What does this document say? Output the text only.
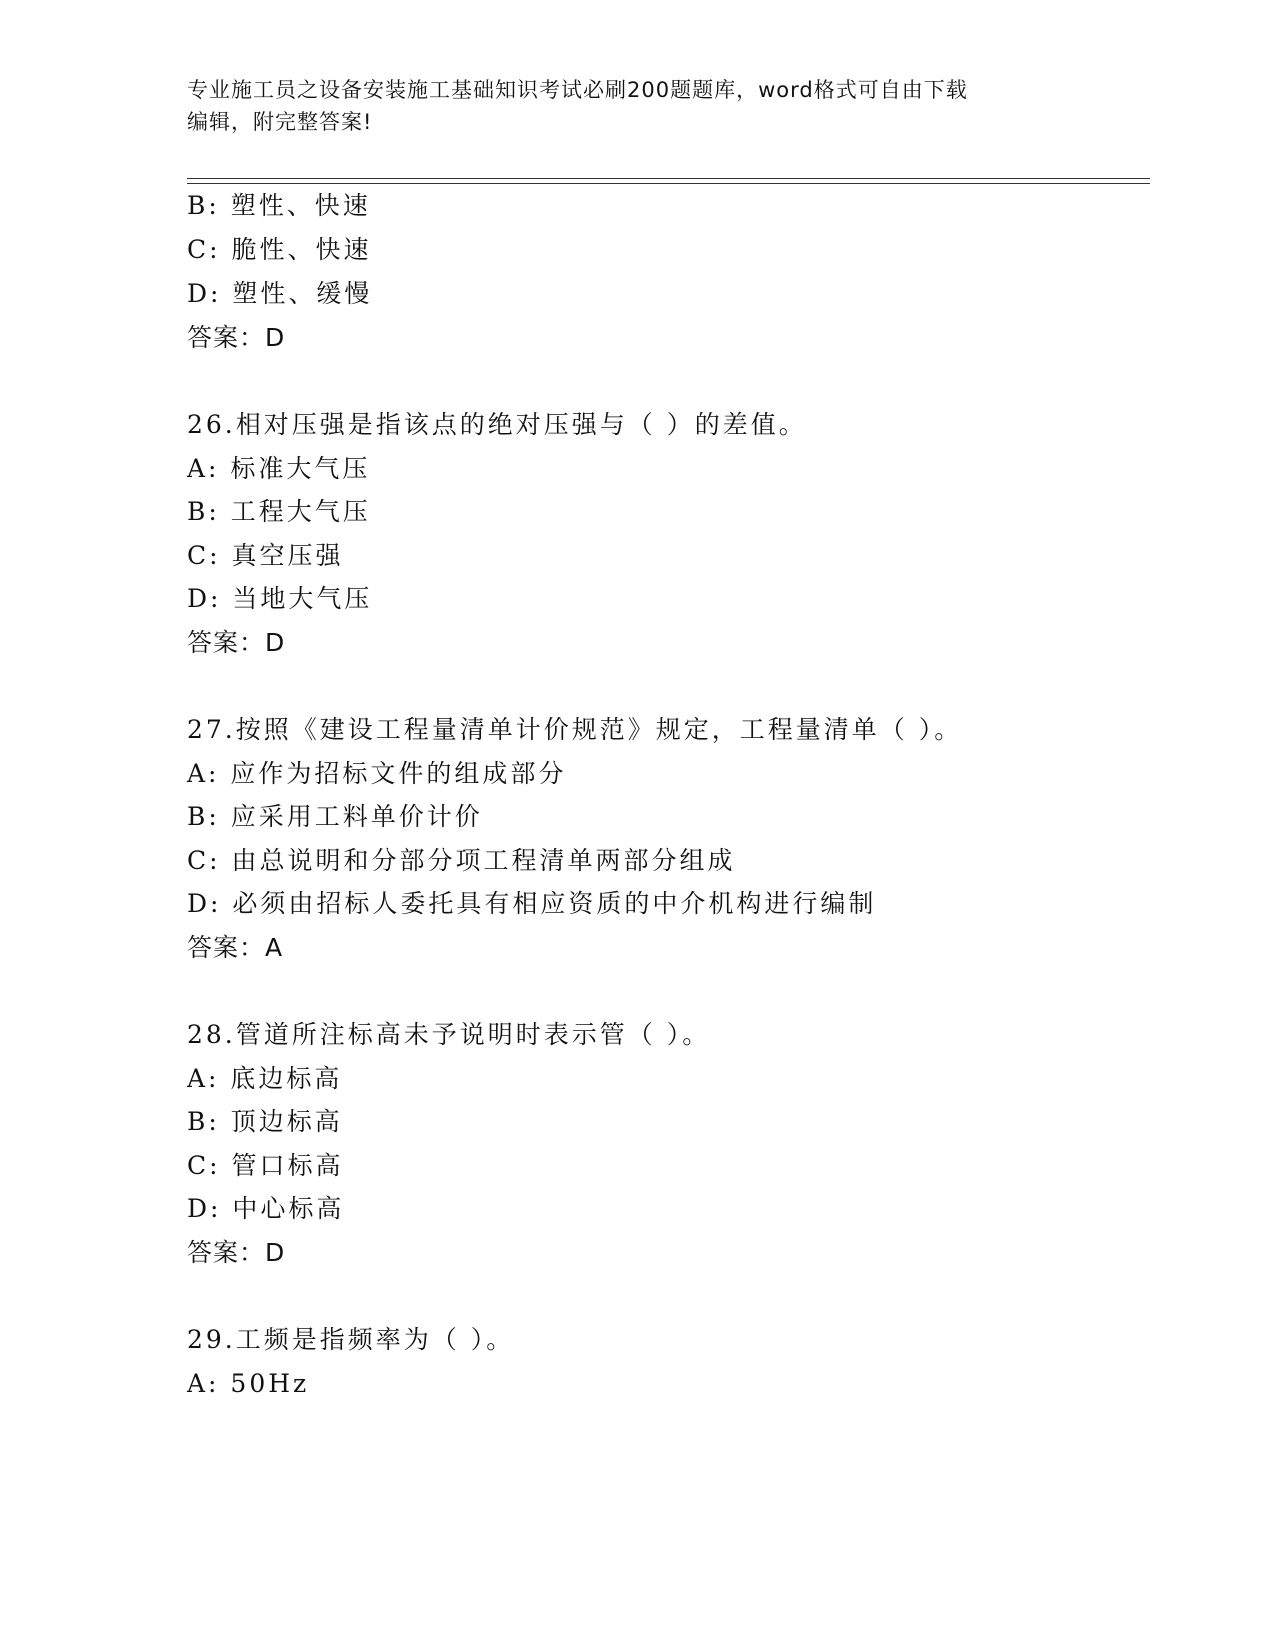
专业施工员之设备安装施工基础知识考试必刷200题题库，word格式可自由下载
编辑，附完整答案!
B: 塑性、快速
C: 脆性、快速
D: 塑性、缓慢
答案：D
26.相对压强是指该点的绝对压强与（ ）的差值。
A: 标准大气压
B: 工程大气压
C: 真空压强
D: 当地大气压
答案：D
27.按照《建设工程量清单计价规范》规定，工程量清单（ ）。
A: 应作为招标文件的组成部分
B: 应采用工料单价计价
C: 由总说明和分部分项工程清单两部分组成
D: 必须由招标人委托具有相应资质的中介机构进行编制
答案：A
28.管道所注标高未予说明时表示管（ ）。
A: 底边标高
B: 顶边标高
C: 管口标高
D: 中心标高
答案：D
29.工频是指频率为（ ）。
A: 50Hz
